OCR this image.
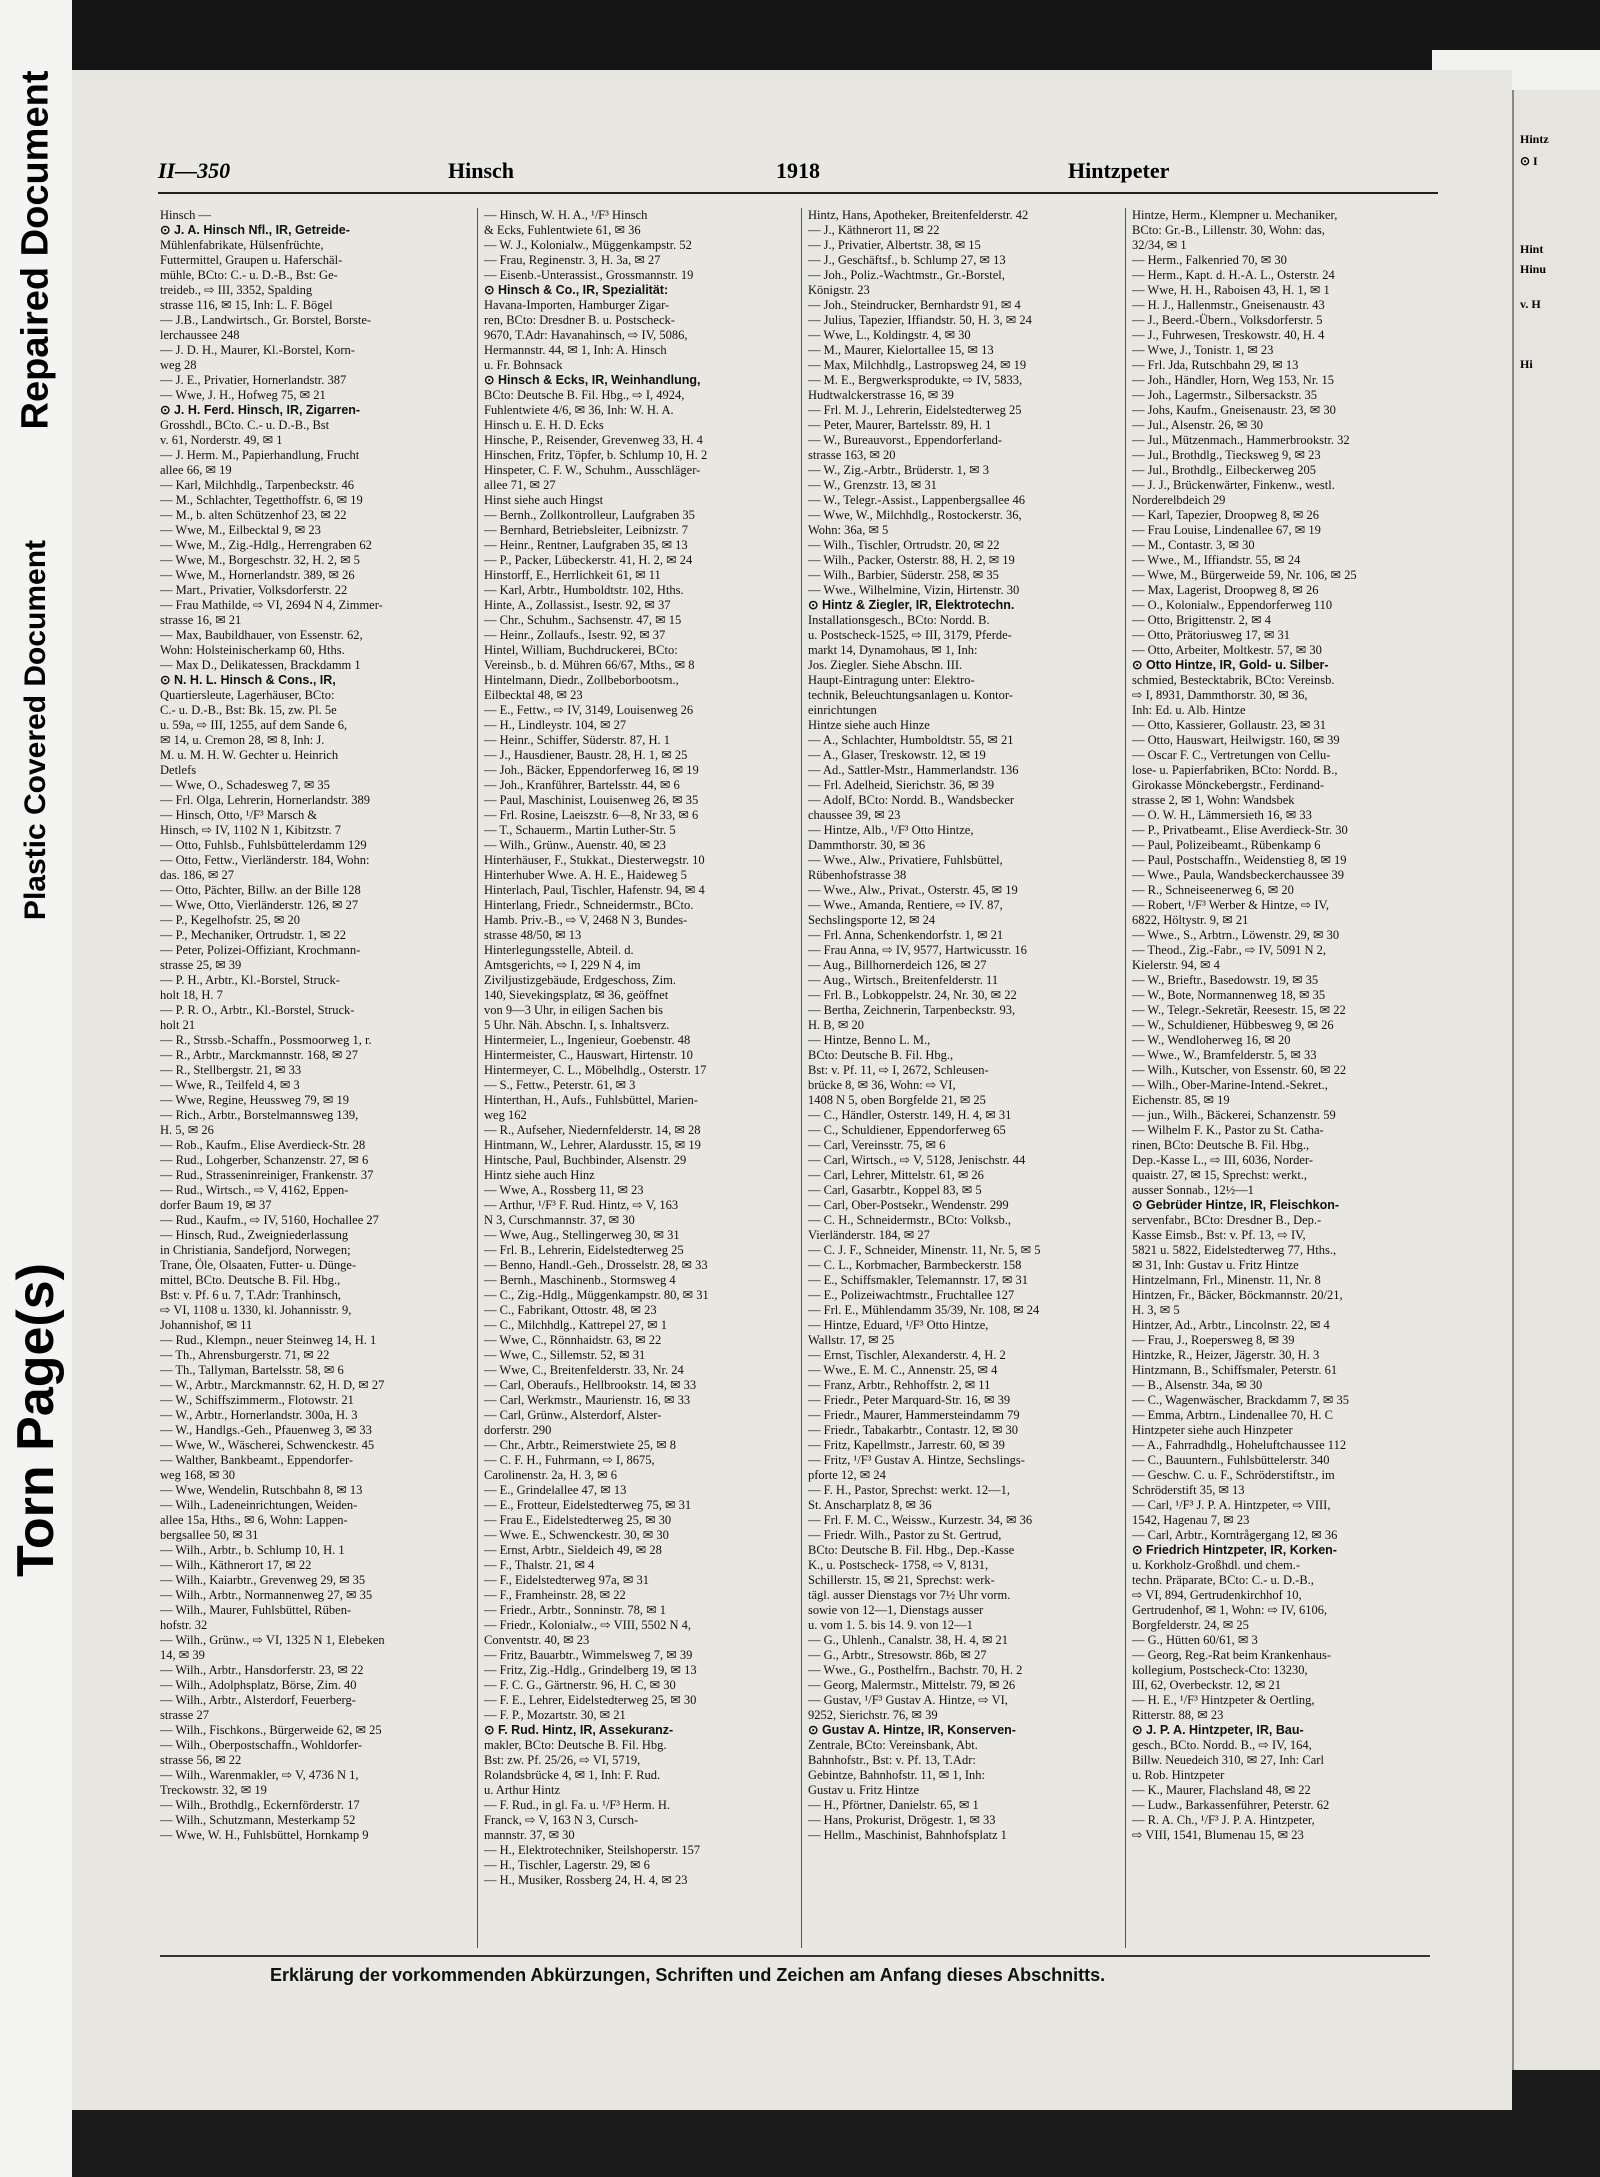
Repaired Document
Plastic Covered Document
Torn Page(s)
II—350	Hinsch	1918	Hintzpeter
Hinsch —
⊙ J. A. Hinsch Nfl., IR, Getreide-
Mühlenfabrikate, Hülsenfrüchte,
Futtermittel, Graupen u. Haferschäl-
mühle, BCto: C.- u. D.-B., Bst: Ge-
treideb., ⇨ III, 3352, Spalding
strasse 116, ✉ 15, Inh: L. F. Bögel
— J.B., Landwirtsch., Gr. Borstel, Borste-
lerchaussee 248
— J. D. H., Maurer, Kl.-Borstel, Korn-
weg 28
— J. E., Privatier, Hornerlandstr. 387
— Wwe, J. H., Hofweg 75, ✉ 21
⊙ J. H. Ferd. Hinsch, IR, Zigarren-
Grosshdl., BCto. C.- u. D.-B., Bst
v. 61, Norderstr. 49, ✉ 1
— J. Herm. M., Papierhandlung, Frucht
allee 66, ✉ 19
— Karl, Milchhdlg., Tarpenbeckstr. 46
— M., Schlachter, Tegetthoffstr. 6, ✉ 19
— M., b. alten Schützenhof 23, ✉ 22
— Wwe, M., Eilbecktal 9, ✉ 23
— Wwe, M., Zig.-Hdlg., Herrengraben 62
— Wwe, M., Borgeschstr. 32, H. 2, ✉ 5
— Wwe, M., Hornerlandstr. 389, ✉ 26
— Mart., Privatier, Volksdorferstr. 22
— Frau Mathilde, ⇨ VI, 2694 N 4, Zimmer-
strasse 16, ✉ 21
— Max, Baubildhauer, von Essenstr. 62,
Wohn: Holsteinischerkamp 60, Hths.
— Max D., Delikatessen, Brackdamm 1
⊙ N. H. L. Hinsch & Cons., IR,
Quartiersleute, Lagerhäuser, BCto:
C.- u. D.-B., Bst: Bk. 15, zw. Pl. 5e
u. 59a, ⇨ III, 1255, auf dem Sande 6,
✉ 14, u. Cremon 28, ✉ 8, Inh: J.
M. u. M. H. W. Gechter u. Heinrich
Detlefs
— Wwe, O., Schadesweg 7, ✉ 35
— Frl. Olga, Lehrerin, Hornerlandstr. 389
— Hinsch, Otto, ¹/F³ Marsch &
Hinsch, ⇨ IV, 1102 N 1, Kibitzstr. 7
— Otto, Fuhlsb., Fuhlsbüttelerdamm 129
— Otto, Fettw., Vierländerstr. 184, Wohn:
das. 186, ✉ 27
— Otto, Pächter, Billw. an der Bille 128
— Wwe, Otto, Vierländerstr. 126, ✉ 27
— P., Kegelhofstr. 25, ✉ 20
— P., Mechaniker, Ortrudstr. 1, ✉ 22
— Peter, Polizei-Offiziant, Krochmann-
strasse 25, ✉ 39
— P. H., Arbtr., Kl.-Borstel, Struck-
holt 18, H. 7
— P. R. O., Arbtr., Kl.-Borstel, Struck-
holt 21
— R., Strssb.-Schaffn., Possmoorweg 1, r.
— R., Arbtr., Marckmannstr. 168, ✉ 27
— R., Stellbergstr. 21, ✉ 33
— Wwe, R., Teilfeld 4, ✉ 3
— Wwe, Regine, Heussweg 79, ✉ 19
— Rich., Arbtr., Borstelmannsweg 139,
H. 5, ✉ 26
— Rob., Kaufm., Elise Averdieck-Str. 28
— Rud., Lohgerber, Schanzenstr. 27, ✉ 6
— Rud., Strasseninreiniger, Frankenstr. 37
— Rud., Wirtsch., ⇨ V, 4162, Eppen-
dorfer Baum 19, ✉ 37
— Rud., Kaufm., ⇨ IV, 5160, Hochallee 27
— Hinsch, Rud., Zweigniederlassung
in Christiania, Sandefjord, Norwegen;
Trane, Öle, Olsaaten, Futter- u. Dünge-
mittel, BCto. Deutsche B. Fil. Hbg.,
Bst: v. Pf. 6 u. 7, T.Adr: Tranhinsch,
⇨ VI, 1108 u. 1330, kl. Johannisstr. 9,
Johannishof, ✉ 11
— Rud., Klempn., neuer Steinweg 14, H. 1
— Th., Ahrensburgerstr. 71, ✉ 22
— Th., Tallyman, Bartelsstr. 58, ✉ 6
— W., Arbtr., Marckmannstr. 62, H. D, ✉ 27
— W., Schiffszimmerm., Flotowstr. 21
— W., Arbtr., Hornerlandstr. 300a, H. 3
— W., Handlgs.-Geh., Pfauenweg 3, ✉ 33
— Wwe, W., Wäscherei, Schwenckestr. 45
— Walther, Bankbeamt., Eppendorfer-
weg 168, ✉ 30
— Wwe, Wendelin, Rutschbahn 8, ✉ 13
— Wilh., Ladeneinrichtungen, Weiden-
allee 15a, Hths., ✉ 6, Wohn: Lappen-
bergsallee 50, ✉ 31
— Wilh., Arbtr., b. Schlump 10, H. 1
— Wilh., Käthnerort 17, ✉ 22
— Wilh., Kaiarbtr., Grevenweg 29, ✉ 35
— Wilh., Arbtr., Normannenweg 27, ✉ 35
— Wilh., Maurer, Fuhlsbüttel, Rüben-
hofstr. 32
— Wilh., Grünw., ⇨ VI, 1325 N 1, Elebeken
14, ✉ 39
— Wilh., Arbtr., Hansdorferstr. 23, ✉ 22
— Wilh., Adolphsplatz, Börse, Zim. 40
— Wilh., Arbtr., Alsterdorf, Feuerberg-
strasse 27
— Wilh., Fischkons., Bürgerweide 62, ✉ 25
— Wilh., Oberpostschaffn., Wohldorfer-
strasse 56, ✉ 22
— Wilh., Warenmakler, ⇨ V, 4736 N 1,
Treckowstr. 32, ✉ 19
— Wilh., Brothdlg., Eckernförderstr. 17
— Wilh., Schutzmann, Mesterkamp 52
— Wwe, W. H., Fuhlsbüttel, Hornkamp 9
— Hinsch, W. H. A., ¹/F³ Hinsch
& Ecks, Fuhlentwiete 61, ✉ 36
— W. J., Kolonialw., Müggenkampstr. 52
— Frau, Reginenstr. 3, H. 3a, ✉ 27
— Eisenb.-Unterassist., Grossmannstr. 19
⊙ Hinsch & Co., IR, Spezialität:
Havana-Importen, Hamburger Zigar-
ren, BCto: Dresdner B. u. Postscheck-
9670, T.Adr: Havanahinsch, ⇨ IV, 5086,
Hermannstr. 44, ✉ 1, Inh: A. Hinsch
u. Fr. Bohnsack
⊙ Hinsch & Ecks, IR, Weinhandlung,
BCto: Deutsche B. Fil. Hbg., ⇨ I, 4924,
Fuhlentwiete 4/6, ✉ 36, Inh: W. H. A.
Hinsch u. E. H. D. Ecks
Hinsche, P., Reisender, Grevenweg 33, H. 4
Hinschen, Fritz, Töpfer, b. Schlump 10, H. 2
Hinspeter, C. F. W., Schuhm., Ausschläger-
allee 71, ✉ 27
Hinst siehe auch Hingst
— Bernh., Zollkontrolleur, Laufgraben 35
— Bernhard, Betriebsleiter, Leibnizstr. 7
— Heinr., Rentner, Laufgraben 35, ✉ 13
— P., Packer, Lübeckerstr. 41, H. 2, ✉ 24
Hinstorff, E., Herrlichkeit 61, ✉ 11
— Karl, Arbtr., Humboldtstr. 102, Hths.
Hinte, A., Zollassist., Isestr. 92, ✉ 37
— Chr., Schuhm., Sachsenstr. 47, ✉ 15
— Heinr., Zollaufs., Isestr. 92, ✉ 37
Hintel, William, Buchdruckerei, BCto:
Vereinsb., b. d. Mühren 66/67, Mths., ✉ 8
Hintelmann, Diedr., Zollbeborbootsm.,
Eilbecktal 48, ✉ 23
— E., Fettw., ⇨ IV, 3149, Louisenweg 26
— H., Lindleystr. 104, ✉ 27
— Heinr., Schiffer, Süderstr. 87, H. 1
— J., Hausdiener, Baustr. 28, H. 1, ✉ 25
— Joh., Bäcker, Eppendorferweg 16, ✉ 19
— Joh., Kranführer, Bartelsstr. 44, ✉ 6
— Paul, Maschinist, Louisenweg 26, ✉ 35
— Frl. Rosine, Laeiszstr. 6—8, Nr 33, ✉ 6
— T., Schauerm., Martin Luther-Str. 5
— Wilh., Grünw., Auenstr. 40, ✉ 23
Hinterhäuser, F., Stukkat., Diesterwegstr. 10
Hinterhuber Wwe. A. H. E., Haideweg 5
Hinterlach, Paul, Tischler, Hafenstr. 94, ✉ 4
Hinterlang, Friedr., Schneidermstr., BCto.
Hamb. Priv.-B., ⇨ V, 2468 N 3, Bundes-
strasse 48/50, ✉ 13
Hinterlegungsstelle, Abteil. d.
Amtsgerichts, ⇨ I, 229 N 4, im
Ziviljustizgebäude, Erdgeschoss, Zim.
140, Sievekingsplatz, ✉ 36, geöffnet
von 9—3 Uhr, in eiligen Sachen bis
5 Uhr. Näh. Abschn. I, s. Inhaltsverz.
Hintermeier, L., Ingenieur, Goebenstr. 48
Hintermeister, C., Hauswart, Hirtenstr. 10
Hintermeyer, C. L., Möbelhdlg., Osterstr. 17
— S., Fettw., Peterstr. 61, ✉ 3
Hinterthan, H., Aufs., Fuhlsbüttel, Marien-
weg 162
— R., Aufseher, Niedernfelderstr. 14, ✉ 28
Hintmann, W., Lehrer, Alardusstr. 15, ✉ 19
Hintsche, Paul, Buchbinder, Alsenstr. 29
Hintz siehe auch Hinz
— Wwe, A., Rossberg 11, ✉ 23
— Arthur, ¹/F³ F. Rud. Hintz, ⇨ V, 163
N 3, Curschmannstr. 37, ✉ 30
— Wwe, Aug., Stellingerweg 30, ✉ 31
— Frl. B., Lehrerin, Eidelstedterweg 25
— Benno, Handl.-Geh., Drosselstr. 28, ✉ 33
— Bernh., Maschinenb., Stormsweg 4
— C., Zig.-Hdlg., Müggenkampstr. 80, ✉ 31
— C., Fabrikant, Ottostr. 48, ✉ 23
— C., Milchhdlg., Kattrepel 27, ✉ 1
— Wwe, C., Rönnhaidstr. 63, ✉ 22
— Wwe, C., Sillemstr. 52, ✉ 31
— Wwe, C., Breitenfelderstr. 33, Nr. 24
— Carl, Oberaufs., Hellbrookstr. 14, ✉ 33
— Carl, Werkmstr., Maurienstr. 16, ✉ 33
— Carl, Grünw., Alsterdorf, Alster-
dorferstr. 290
— Chr., Arbtr., Reimerstwiete 25, ✉ 8
— C. F. H., Fuhrmann, ⇨ I, 8675,
Carolinenstr. 2a, H. 3, ✉ 6
— E., Grindelallee 47, ✉ 13
— E., Frotteur, Eidelstedterweg 75, ✉ 31
— Frau E., Eidelstedterweg 25, ✉ 30
— Wwe. E., Schwenckestr. 30, ✉ 30
— Ernst, Arbtr., Sieldeich 49, ✉ 28
— F., Thalstr. 21, ✉ 4
— F., Eidelstedterweg 97a, ✉ 31
— F., Framheinstr. 28, ✉ 22
— Friedr., Arbtr., Sonninstr. 78, ✉ 1
— Friedr., Kolonialw., ⇨ VIII, 5502 N 4,
Conventstr. 40, ✉ 23
— Fritz, Bauarbtr., Wimmelsweg 7, ✉ 39
— Fritz, Zig.-Hdlg., Grindelberg 19, ✉ 13
— F. C. G., Gärtnerstr. 96, H. C, ✉ 30
— F. E., Lehrer, Eidelstedterweg 25, ✉ 30
— F. P., Mozartstr. 30, ✉ 21
⊙ F. Rud. Hintz, IR, Assekuranz-
makler, BCto: Deutsche B. Fil. Hbg.
Bst: zw. Pf. 25/26, ⇨ VI, 5719,
Rolandsbrücke 4, ✉ 1, Inh: F. Rud.
u. Arthur Hintz
— F. Rud., in gl. Fa. u. ¹/F³ Herm. H.
Franck, ⇨ V, 163 N 3, Cursch-
mannstr. 37, ✉ 30
— H., Elektrotechniker, Steilshoperstr. 157
— H., Tischler, Lagerstr. 29, ✉ 6
— H., Musiker, Rossberg 24, H. 4, ✉ 23
Hintz, Hans, Apotheker, Breitenfelderstr. 42
— J., Käthnerort 11, ✉ 22
— J., Privatier, Albertstr. 38, ✉ 15
— J., Geschäftsf., b. Schlump 27, ✉ 13
— Joh., Poliz.-Wachtmstr., Gr.-Borstel,
Königstr. 23
— Joh., Steindrucker, Bernhardstr 91, ✉ 4
— Julius, Tapezier, Iffiandstr. 50, H. 3, ✉ 24
— Wwe, L., Koldingstr. 4, ✉ 30
— M., Maurer, Kielortallee 15, ✉ 13
— Max, Milchhdlg., Lastropsweg 24, ✉ 19
— M. E., Bergwerksprodukte, ⇨ IV, 5833,
Hudtwalckerstrasse 16, ✉ 39
— Frl. M. J., Lehrerin, Eidelstedterweg 25
— Peter, Maurer, Bartelsstr. 89, H. 1
— W., Bureauvorst., Eppendorferland-
strasse 163, ✉ 20
— W., Zig.-Arbtr., Brüderstr. 1, ✉ 3
— W., Grenzstr. 13, ✉ 31
— W., Telegr.-Assist., Lappenbergsallee 46
— Wwe, W., Milchhdlg., Rostockerstr. 36,
Wohn: 36a, ✉ 5
— Wilh., Tischler, Ortrudstr. 20, ✉ 22
— Wilh., Packer, Osterstr. 88, H. 2, ✉ 19
— Wilh., Barbier, Süderstr. 258, ✉ 35
— Wwe., Wilhelmine, Vizin, Hirtenstr. 30
⊙ Hintz & Ziegler, IR, Elektrotechn.
Installationsgesch., BCto: Nordd. B.
u. Postscheck-1525, ⇨ III, 3179, Pferde-
markt 14, Dynamohaus, ✉ 1, Inh:
Jos. Ziegler. Siehe Abschn. III.
Haupt-Eintragung unter: Elektro-
technik, Beleuchtungsanlagen u. Kontor-
einrichtungen
Hintze siehe auch Hinze
— A., Schlachter, Humboldtstr. 55, ✉ 21
— A., Glaser, Treskowstr. 12, ✉ 19
— Ad., Sattler-Mstr., Hammerlandstr. 136
— Frl. Adelheid, Sierichstr. 36, ✉ 39
— Adolf, BCto: Nordd. B., Wandsbecker
chaussee 39, ✉ 23
— Hintze, Alb., ¹/F³ Otto Hintze,
Dammthorstr. 30, ✉ 36
— Wwe., Alw., Privatiere, Fuhlsbüttel,
Rübenhofstrasse 38
— Wwe., Alw., Privat., Osterstr. 45, ✉ 19
— Wwe., Amanda, Rentiere, ⇨ IV. 87,
Sechslingsporte 12, ✉ 24
— Frl. Anna, Schenkendorfstr. 1, ✉ 21
— Frau Anna, ⇨ IV, 9577, Hartwicusstr. 16
— Aug., Billhornerdeich 126, ✉ 27
— Aug., Wirtsch., Breitenfelderstr. 11
— Frl. B., Lobkoppelstr. 24, Nr. 30, ✉ 22
— Bertha, Zeichnerin, Tarpenbeckstr. 93,
H. B, ✉ 20
— Hintze, Benno L. M.,
BCto: Deutsche B. Fil. Hbg.,
Bst: v. Pf. 11, ⇨ I, 2672, Schleusen-
brücke 8, ✉ 36, Wohn: ⇨ VI,
1408 N 5, oben Borgfelde 21, ✉ 25
— C., Händler, Osterstr. 149, H. 4, ✉ 31
— C., Schuldiener, Eppendorferweg 65
— Carl, Vereinsstr. 75, ✉ 6
— Carl, Wirtsch., ⇨ V, 5128, Jenischstr. 44
— Carl, Lehrer, Mittelstr. 61, ✉ 26
— Carl, Gasarbtr., Koppel 83, ✉ 5
— Carl, Ober-Postsekr., Wendenstr. 299
— C. H., Schneidermstr., BCto: Volksb.,
Vierländerstr. 184, ✉ 27
— C. J. F., Schneider, Minenstr. 11, Nr. 5, ✉ 5
— C. L., Korbmacher, Barmbeckerstr. 158
— E., Schiffsmakler, Telemannstr. 17, ✉ 31
— E., Polizeiwachtmstr., Fruchtallee 127
— Frl. E., Mühlendamm 35/39, Nr. 108, ✉ 24
— Hintze, Eduard, ¹/F³ Otto Hintze,
Wallstr. 17, ✉ 25
— Ernst, Tischler, Alexanderstr. 4, H. 2
— Wwe., E. M. C., Annenstr. 25, ✉ 4
— Franz, Arbtr., Rehhoffstr. 2, ✉ 11
— Friedr., Peter Marquard-Str. 16, ✉ 39
— Friedr., Maurer, Hammersteindamm 79
— Friedr., Tabakarbtr., Contastr. 12, ✉ 30
— Fritz, Kapellmstr., Jarrestr. 60, ✉ 39
— Fritz, ¹/F³ Gustav A. Hintze, Sechslings-
pforte 12, ✉ 24
— F. H., Pastor, Sprechst: werkt. 12—1,
St. Anscharplatz 8, ✉ 36
— Frl. F. M. C., Weissw., Kurzestr. 34, ✉ 36
— Friedr. Wilh., Pastor zu St. Gertrud,
BCto: Deutsche B. Fil. Hbg., Dep.-Kasse
K., u. Postscheck- 1758, ⇨ V, 8131,
Schillerstr. 15, ✉ 21, Sprechst: werk-
tägl. ausser Dienstags vor 7½ Uhr vorm.
sowie von 12—1, Dienstags ausser
u. vom 1. 5. bis 14. 9. von 12—1
— G., Uhlenh., Canalstr. 38, H. 4, ✉ 21
— G., Arbtr., Stresowstr. 86b, ✉ 27
— Wwe., G., Posthelfrn., Bachstr. 70, H. 2
— Georg, Malermstr., Mittelstr. 79, ✉ 26
— Gustav, ¹/F³ Gustav A. Hintze, ⇨ VI,
9252, Sierichstr. 76, ✉ 39
⊙ Gustav A. Hintze, IR, Konserven-
Zentrale, BCto: Vereinsbank, Abt.
Bahnhofstr., Bst: v. Pf. 13, T.Adr:
Gebintze, Bahnhofstr. 11, ✉ 1, Inh:
Gustav u. Fritz Hintze
— H., Pförtner, Danielstr. 65, ✉ 1
— Hans, Prokurist, Drögestr. 1, ✉ 33
— Hellm., Maschinist, Bahnhofsplatz 1
Hintze, Herm., Klempner u. Mechaniker,
BCto: Gr.-B., Lillenstr. 30, Wohn: das,
32/34, ✉ 1
— Herm., Falkenried 70, ✉ 30
— Herm., Kapt. d. H.-A. L., Osterstr. 24
— Wwe, H. H., Raboisen 43, H. 1, ✉ 1
— H. J., Hallenmstr., Gneisenaustr. 43
— J., Beerd.-Übern., Volksdorferstr. 5
— J., Fuhrwesen, Treskowstr. 40, H. 4
— Wwe, J., Tonistr. 1, ✉ 23
— Frl. Jda, Rutschbahn 29, ✉ 13
— Joh., Händler, Horn, Weg 153, Nr. 15
— Joh., Lagermstr., Silbersackstr. 35
— Johs, Kaufm., Gneisenaustr. 23, ✉ 30
— Jul., Alsenstr. 26, ✉ 30
— Jul., Mützenmach., Hammerbrookstr. 32
— Jul., Brothdlg., Tiecksweg 9, ✉ 23
— Jul., Brothdlg., Eilbeckerweg 205
— J. J., Brückenwärter, Finkenw., westl.
Norderelbdeich 29
— Karl, Tapezier, Droopweg 8, ✉ 26
— Frau Louise, Lindenallee 67, ✉ 19
— M., Contastr. 3, ✉ 30
— Wwe., M., Iffiandstr. 55, ✉ 24
— Wwe, M., Bürgerweide 59, Nr. 106, ✉ 25
— Max, Lagerist, Droopweg 8, ✉ 26
— O., Kolonialw., Eppendorferweg 110
— Otto, Brigittenstr. 2, ✉ 4
— Otto, Prätoriusweg 17, ✉ 31
— Otto, Arbeiter, Moltkestr. 57, ✉ 30
⊙ Otto Hintze, IR, Gold- u. Silber-
schmied, Bestecktabrik, BCto: Vereinsb.
⇨ I, 8931, Dammthorstr. 30, ✉ 36,
Inh: Ed. u. Alb. Hintze
— Otto, Kassierer, Gollaustr. 23, ✉ 31
— Otto, Hauswart, Heilwigstr. 160, ✉ 39
— Oscar F. C., Vertretungen von Cellu-
lose- u. Papierfabriken, BCto: Nordd. B.,
Girokasse Mönckebergstr., Ferdinand-
strasse 2, ✉ 1, Wohn: Wandsbek
— O. W. H., Lämmersieth 16, ✉ 33
— P., Privatbeamt., Elise Averdieck-Str. 30
— Paul, Polizeibeamt., Rübenkamp 6
— Paul, Postschaffn., Weidenstieg 8, ✉ 19
— Wwe., Paula, Wandsbeckerchaussee 39
— R., Schneiseenerweg 6, ✉ 20
— Robert, ¹/F³ Werber & Hintze, ⇨ IV,
6822, Höltystr. 9, ✉ 21
— Wwe., S., Arbtrn., Löwenstr. 29, ✉ 30
— Theod., Zig.-Fabr., ⇨ IV, 5091 N 2,
Kielerstr. 94, ✉ 4
— W., Brieftr., Basedowstr. 19, ✉ 35
— W., Bote, Normannenweg 18, ✉ 35
— W., Telegr.-Sekretär, Reesestr. 15, ✉ 22
— W., Schuldiener, Hübbesweg 9, ✉ 26
— W., Wendloherweg 16, ✉ 20
— Wwe., W., Bramfelderstr. 5, ✉ 33
— Wilh., Kutscher, von Essenstr. 60, ✉ 22
— Wilh., Ober-Marine-Intend.-Sekret.,
Eichenstr. 85, ✉ 19
— jun., Wilh., Bäckerei, Schanzenstr. 59
— Wilhelm F. K., Pastor zu St. Catha-
rinen, BCto: Deutsche B. Fil. Hbg.,
Dep.-Kasse L., ⇨ III, 6036, Norder-
quaistr. 27, ✉ 15, Sprechst: werkt.,
ausser Sonnab., 12½—1
⊙ Gebrüder Hintze, IR, Fleischkon-
servenfabr., BCto: Dresdner B., Dep.-
Kasse Eimsb., Bst: v. Pf. 13, ⇨ IV,
5821 u. 5822, Eidelstedterweg 77, Hths.,
✉ 31, Inh: Gustav u. Fritz Hintze
Hintzelmann, Frl., Minenstr. 11, Nr. 8
Hintzen, Fr., Bäcker, Böckmannstr. 20/21,
H. 3, ✉ 5
Hintzer, Ad., Arbtr., Lincolnstr. 22, ✉ 4
— Frau, J., Roepersweg 8, ✉ 39
Hintzke, R., Heizer, Jägerstr. 30, H. 3
Hintzmann, B., Schiffsmaler, Peterstr. 61
— B., Alsenstr. 34a, ✉ 30
— C., Wagenwäscher, Brackdamm 7, ✉ 35
— Emma, Arbtrn., Lindenallee 70, H. C
Hintzpeter siehe auch Hinzpeter
— A., Fahrradhdlg., Hoheluftchaussee 112
— C., Bauuntern., Fuhlsbüttelerstr. 340
— Geschw. C. u. F., Schröderstiftstr., im
Schröderstift 35, ✉ 13
— Carl, ¹/F³ J. P. A. Hintzpeter, ⇨ VIII,
1542, Hagenau 7, ✉ 23
— Carl, Arbtr., Korntrågergang 12, ✉ 36
⊙ Friedrich Hintzpeter, IR, Korken-
u. Korkholz-Großhdl. und chem.-
techn. Präparate, BCto: C.- u. D.-B.,
⇨ VI, 894, Gertrudenkirchhof 10,
Gertrudenhof, ✉ 1, Wohn: ⇨ IV, 6106,
Borgfelderstr. 24, ✉ 25
— G., Hütten 60/61, ✉ 3
— Georg, Reg.-Rat beim Krankenhaus-
kollegium, Postscheck-Cto: 13230,
III, 62, Overbeckstr. 12, ✉ 21
— H. E., ¹/F³ Hintzpeter & Oertling,
Ritterstr. 88, ✉ 23
⊙ J. P. A. Hintzpeter, IR, Bau-
gesch., BCto. Nordd. B., ⇨ IV, 164,
Billw. Neuedeich 310, ✉ 27, Inh: Carl
u. Rob. Hintzpeter
— K., Maurer, Flachsland 48, ✉ 22
— Ludw., Barkassenführer, Peterstr. 62
— R. A. Ch., ¹/F³ J. P. A. Hintzpeter,
⇨ VIII, 1541, Blumenau 15, ✉ 23
Erklärung der vorkommenden Abkürzungen, Schriften und Zeichen am Anfang dieses Abschnitts.
Hintz
⊙ I
Hint
Hinu
v. H
Hi
